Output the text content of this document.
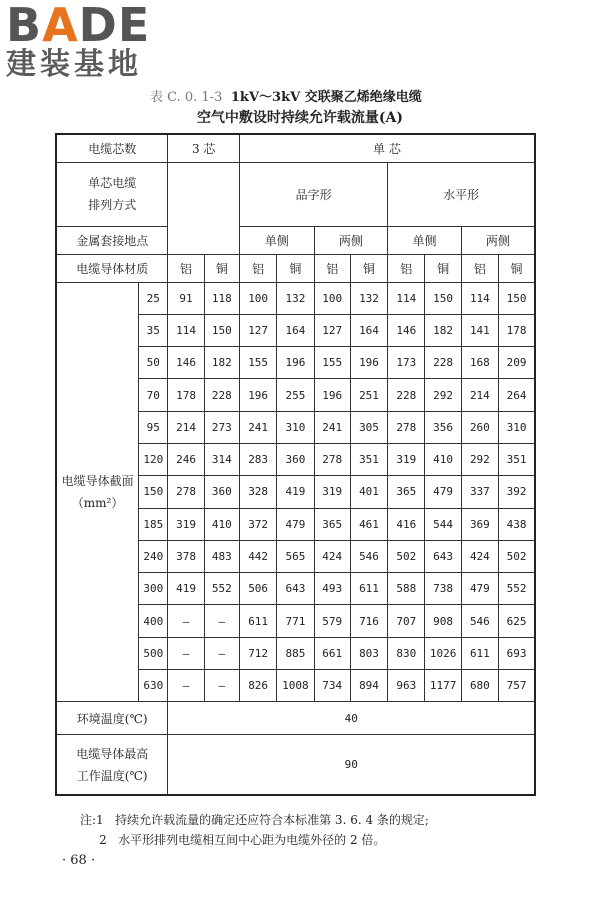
BADE
建装基地
表 C. 0. 1-3 1kV～3kV 交联聚乙烯绝缘电缆
空气中敷设时持续允许载流量(A)
电缆芯数		3 芯		单 芯							
单芯电缆
排列方式				品字形				水平形			
金属套接地点				单侧		两侧		单侧		两侧	
电缆导体材质		铝	铜	铝	铜	铝	铜	铝	铜	铝	铜
电缆导体截面
（mm²）	25	91	118	100	132	100	132	114	150	114	150
	35	114	150	127	164	127	164	146	182	141	178
	50	146	182	155	196	155	196	173	228	168	209
	70	178	228	196	255	196	251	228	292	214	264
	95	214	273	241	310	241	305	278	356	260	310
	120	246	314	283	360	278	351	319	410	292	351
	150	278	360	328	419	319	401	365	479	337	392
	185	319	410	372	479	365	461	416	544	369	438
	240	378	483	442	565	424	546	502	643	424	502
	300	419	552	506	643	493	611	588	738	479	552
	400	—	—	611	771	579	716	707	908	546	625
	500	—	—	712	885	661	803	830	1026	611	693
	630	—	—	826	1008	734	894	963	1177	680	757
环境温度(℃)		40									
电缆导体最高
工作温度(℃)		90									
注:1   持续允许载流量的确定还应符合本标准第 3. 6. 4 条的规定;
2   水平形排列电缆相互间中心距为电缆外径的 2 倍。
· 68 ·
